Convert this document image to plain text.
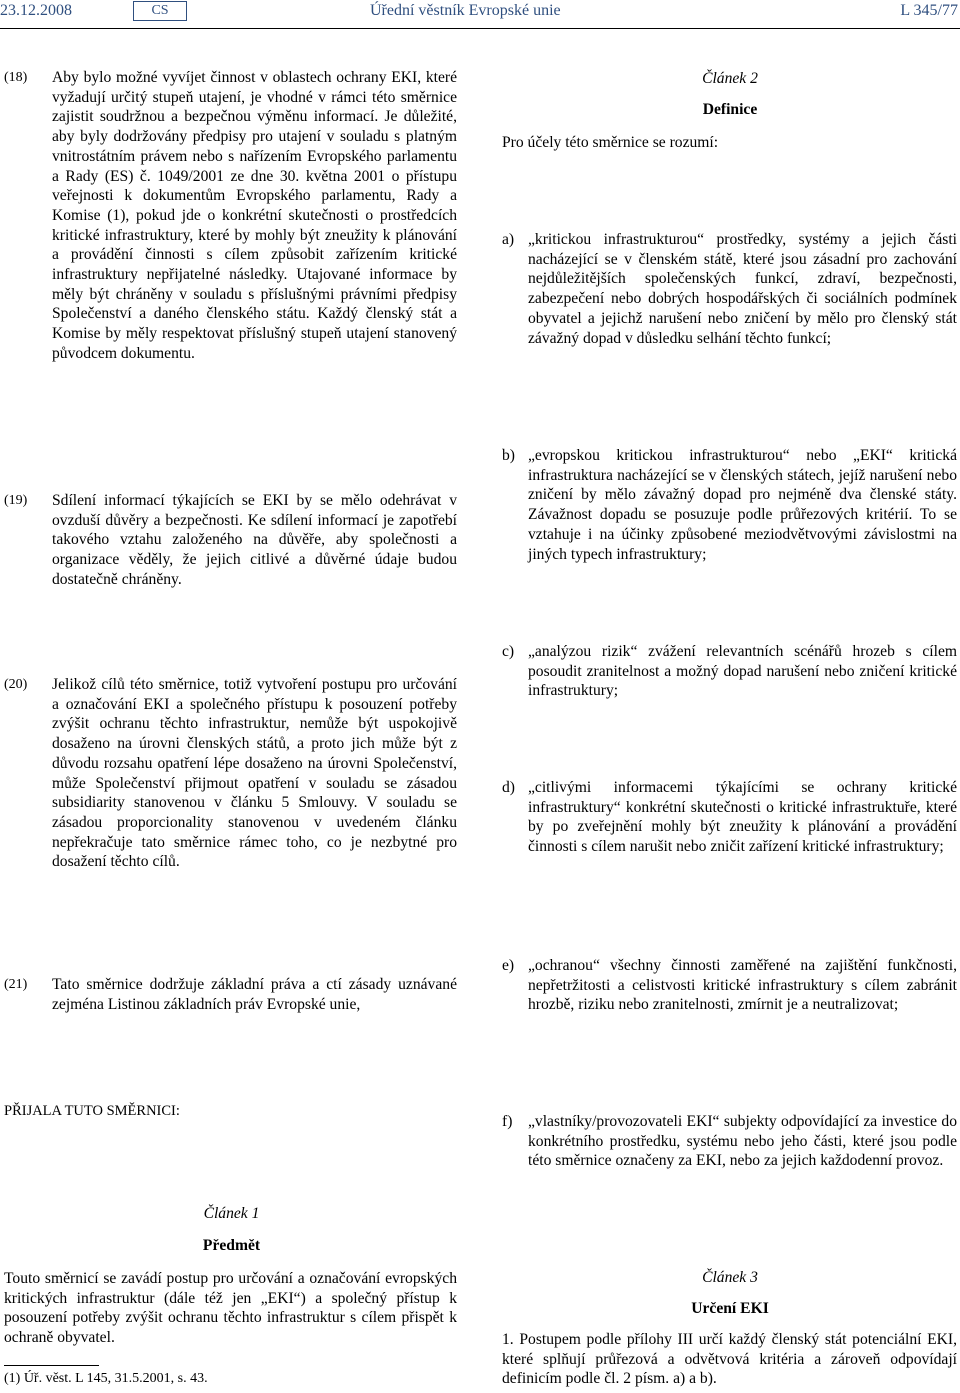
23.12.2008	CS	Úřední věstník Evropské unie	L 345/77
(18) Aby bylo možné vyvíjet činnost v oblastech ochrany EKI, které vyžadují určitý stupeň utajení, je vhodné v rámci této směrnice zajistit soudržnou a bezpečnou výměnu informací. Je důležité, aby byly dodržovány předpisy pro utajení v souladu s platným vnitrostátním právem nebo s nařízením Evropského parlamentu a Rady (ES) č. 1049/2001 ze dne 30. května 2001 o přístupu veřejnosti k dokumentům Evropského parlamentu, Rady a Komise (1), pokud jde o konkrétní skutečnosti o prostředcích kritické infrastruktury, které by mohly být zneužity k plánování a provádění činnosti s cílem způsobit zařízením kritické infrastruktury nepřijatelné následky. Utajované informace by měly být chráněny v souladu s příslušnými právními předpisy Společenství a daného členského státu. Každý členský stát a Komise by měly respektovat příslušný stupeň utajení stanovený původcem dokumentu.
(19) Sdílení informací týkajících se EKI by se mělo odehrávat v ovzduší důvěry a bezpečnosti. Ke sdílení informací je zapotřebí takového vztahu založeného na důvěře, aby společnosti a organizace věděly, že jejich citlivé a důvěrné údaje budou dostatečně chráněny.
(20) Jelikož cílů této směrnice, totiž vytvoření postupu pro určování a označování EKI a společného přístupu k posouzení potřeby zvýšit ochranu těchto infrastruktur, nemůže být uspokojivě dosaženo na úrovni členských států, a proto jich může být z důvodu rozsahu opatření lépe dosaženo na úrovni Společenství, může Společenství přijmout opatření v souladu se zásadou subsidiarity stanovenou v článku 5 Smlouvy. V souladu se zásadou proporcionality stanovenou v uvedeném článku nepřekračuje tato směrnice rámec toho, co je nezbytné pro dosažení těchto cílů.
(21) Tato směrnice dodržuje základní práva a ctí zásady uznávané zejména Listinou základních práv Evropské unie,
PŘIJALA TUTO SMĚRNICI:
Článek 1
Předmět
Touto směrnicí se zavádí postup pro určování a označování evropských kritických infrastruktur (dále též jen „EKI“) a společný přístup k posouzení potřeby zvýšit ochranu těchto infrastruktur s cílem přispět k ochraně obyvatel.
(1) Úř. věst. L 145, 31.5.2001, s. 43.
Článek 2
Definice
Pro účely této směrnice se rozumí:
a) „kritickou infrastrukturou“ prostředky, systémy a jejich části nacházející se v členském státě, které jsou zásadní pro zachování nejdůležitějších společenských funkcí, zdraví, bezpečnosti, zabezpečení nebo dobrých hospodářských či sociálních podmínek obyvatel a jejichž narušení nebo zničení by mělo pro členský stát závažný dopad v důsledku selhání těchto funkcí;
b) „evropskou kritickou infrastrukturou“ nebo „EKI“ kritická infrastruktura nacházející se v členských státech, jejíž narušení nebo zničení by mělo závažný dopad pro nejméně dva členské státy. Závažnost dopadu se posuzuje podle průřezových kritérií. To se vztahuje i na účinky způsobené meziodvětvovými závislostmi na jiných typech infrastruktury;
c) „analýzou rizik“ zvážení relevantních scénářů hrozeb s cílem posoudit zranitelnost a možný dopad narušení nebo zničení kritické infrastruktury;
d) „citlivými informacemi týkajícími se ochrany kritické infrastruktury“ konkrétní skutečnosti o kritické infrastruktuře, které by po zveřejnění mohly být zneužity k plánování a provádění činnosti s cílem narušit nebo zničit zařízení kritické infrastruktury;
e) „ochranou“ všechny činnosti zaměřené na zajištění funkčnosti, nepřetržitosti a celistvosti kritické infrastruktury s cílem zabránit hrozbě, riziku nebo zranitelnosti, zmírnit je a neutralizovat;
f) „vlastníky/provozovateli EKI“ subjekty odpovídající za investice do konkrétního prostředku, systému nebo jeho části, které jsou podle této směrnice označeny za EKI, nebo za jejich každodenní provoz.
Článek 3
Určení EKI
1. Postupem podle přílohy III určí každý členský stát potenciální EKI, které splňují průřezová a odvětvová kritéria a zároveň odpovídají definicím podle čl. 2 písm. a) a b).
